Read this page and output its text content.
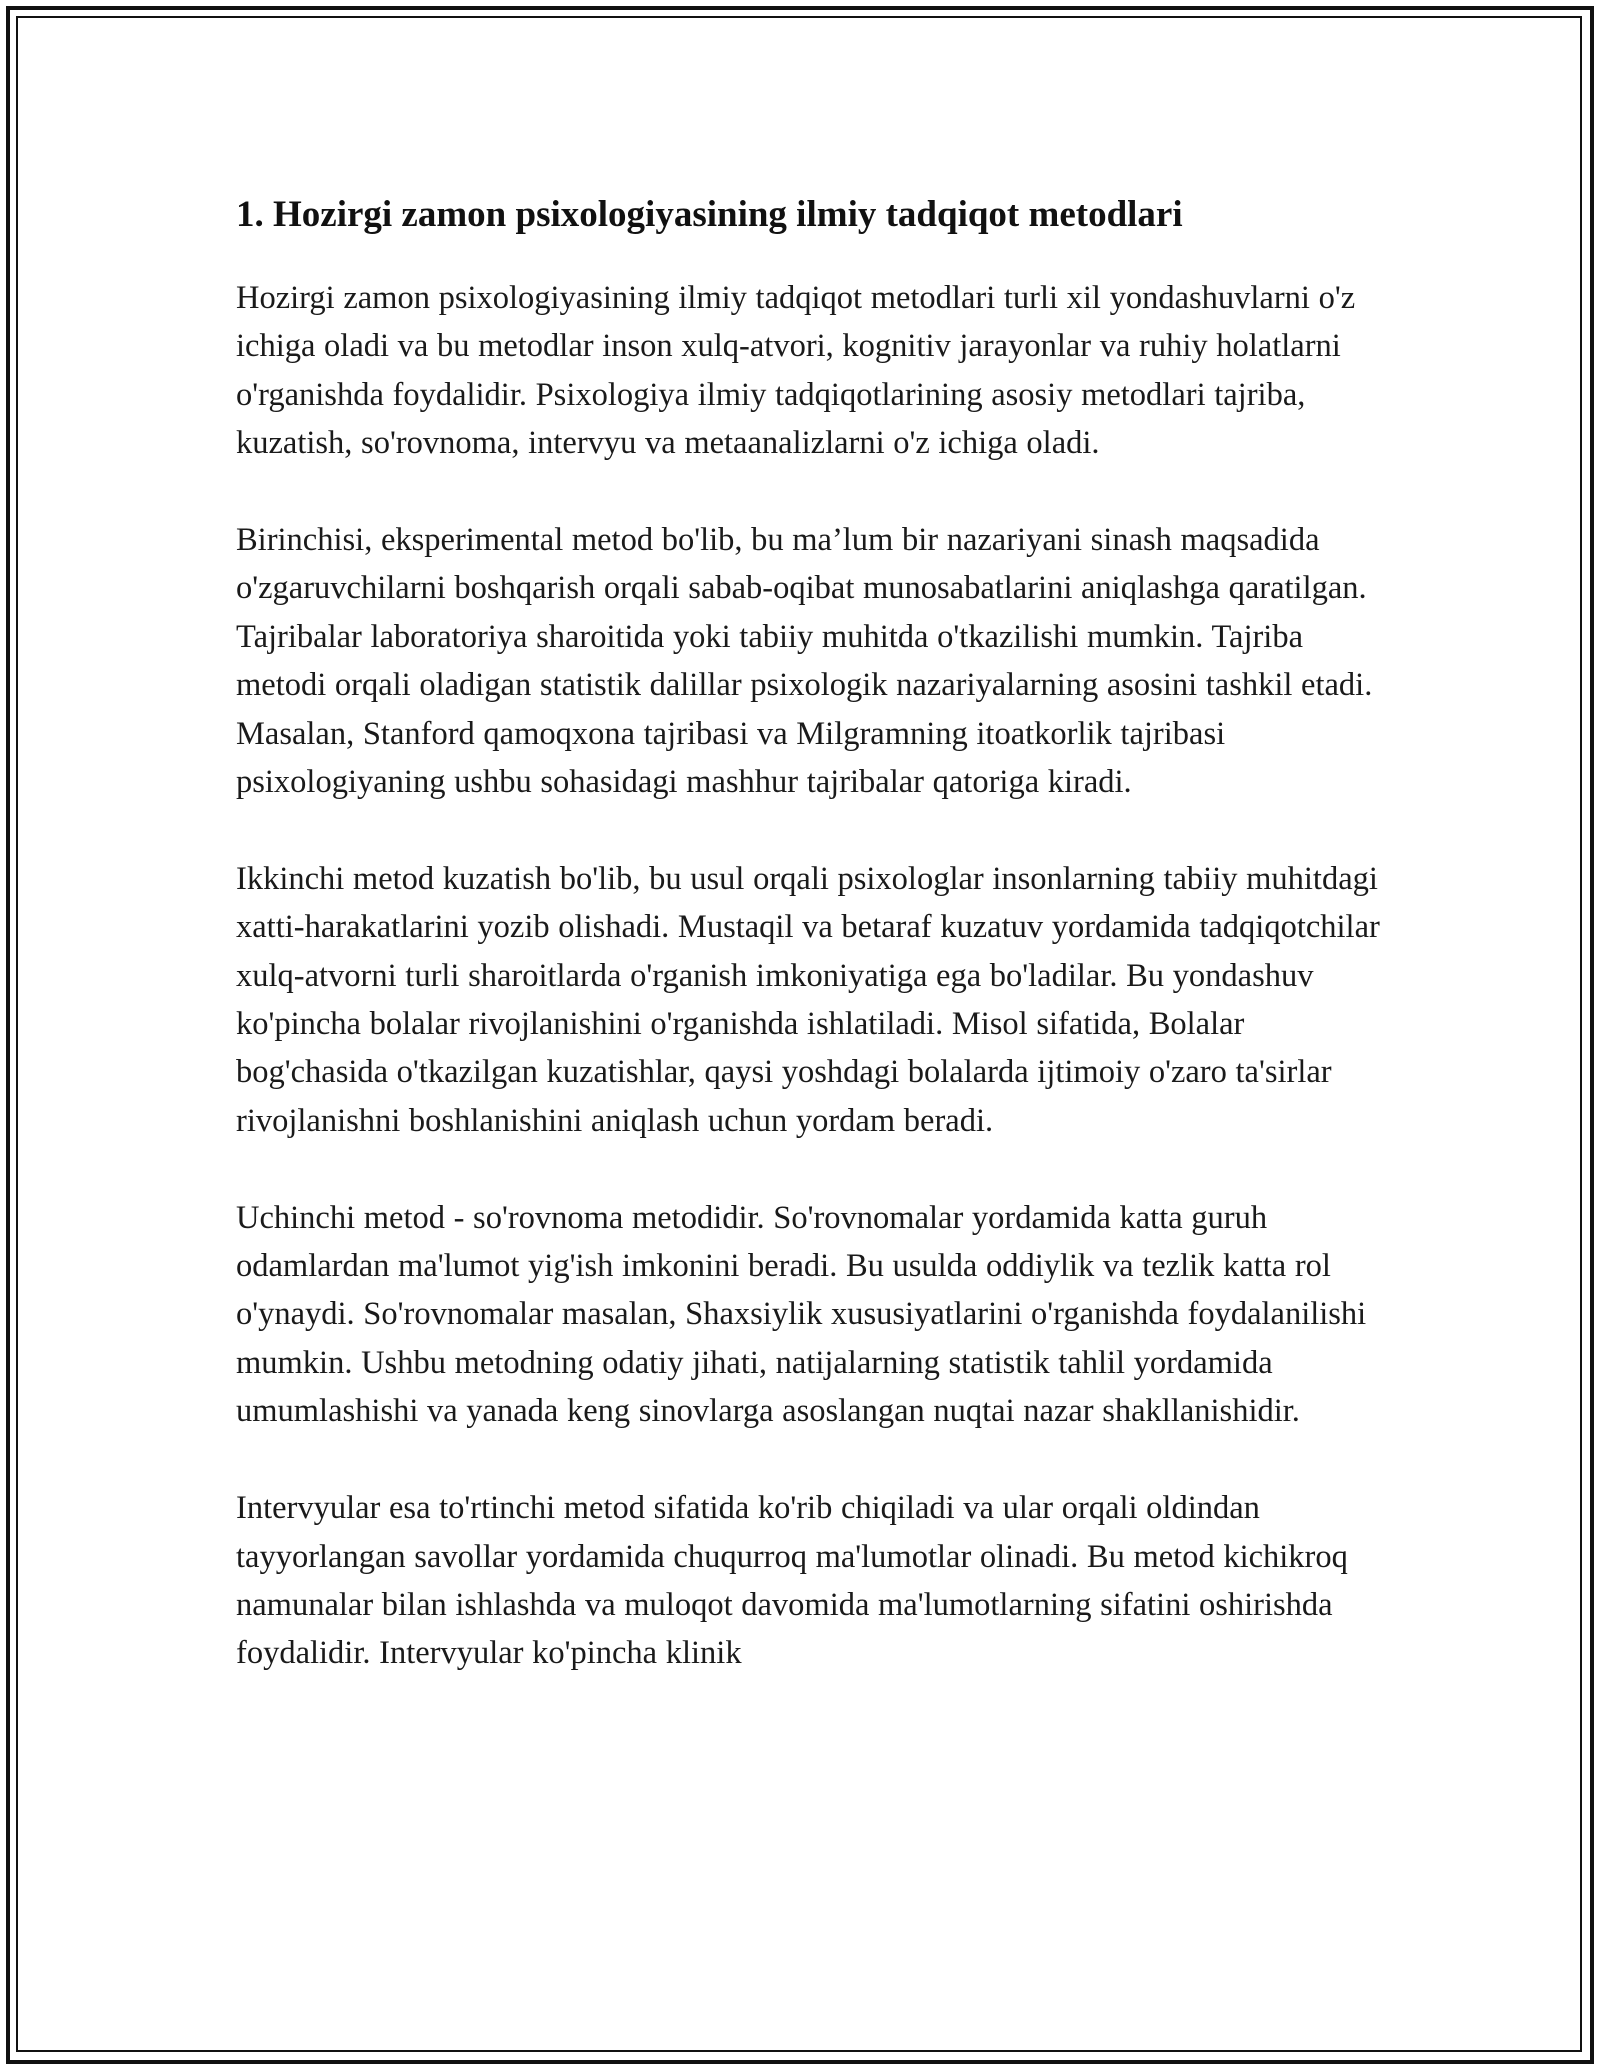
1. Hozirgi zamon psixologiyasining ilmiy tadqiqot metodlari

Hozirgi zamon psixologiyasining ilmiy tadqiqot metodlari turli xil yondashuvlarni o'z ichiga oladi va bu metodlar inson xulq-atvori, kognitiv jarayonlar va ruhiy holatlarni o'rganishda foydalidir. Psixologiya ilmiy tadqiqotlarining asosiy metodlari tajriba, kuzatish, so'rovnoma, intervyu va metaanalizlarni o'z ichiga oladi.

Birinchisi, eksperimental metod bo'lib, bu ma’lum bir nazariyani sinash maqsadida o'zgaruvchilarni boshqarish orqali sabab-oqibat munosabatlarini aniqlashga qaratilgan. Tajribalar laboratoriya sharoitida yoki tabiiy muhitda o'tkazilishi mumkin. Tajriba metodi orqali oladigan statistik dalillar psixologik nazariyalarning asosini tashkil etadi. Masalan, Stanford qamoqxona tajribasi va Milgramning itoatkorlik tajribasi psixologiyaning ushbu sohasidagi mashhur tajribalar qatoriga kiradi.

Ikkinchi metod kuzatish bo'lib, bu usul orqali psixologlar insonlarning tabiiy muhitdagi xatti-harakatlarini yozib olishadi. Mustaqil va betaraf kuzatuv yordamida tadqiqotchilar xulq-atvorni turli sharoitlarda o'rganish imkoniyatiga ega bo'ladilar. Bu yondashuv ko'pincha bolalar rivojlanishini o'rganishda ishlatiladi. Misol sifatida, Bolalar bog'chasida o'tkazilgan kuzatishlar, qaysi yoshdagi bolalarda ijtimoiy o'zaro ta'sirlar rivojlanishni boshlanishini aniqlash uchun yordam beradi.

Uchinchi metod - so'rovnoma metodidir. So'rovnomalar yordamida katta guruh odamlardan ma'lumot yig'ish imkonini beradi. Bu usulda oddiylik va tezlik katta rol o'ynaydi. So'rovnomalar masalan, Shaxsiylik xususiyatlarini o'rganishda foydalanilishi mumkin. Ushbu metodning odatiy jihati, natijalarning statistik tahlil yordamida umumlashishi va yanada keng sinovlarga asoslangan nuqtai nazar shakllanishidir.

Intervyular esa to'rtinchi metod sifatida ko'rib chiqiladi va ular orqali oldindan tayyorlangan savollar yordamida chuqurroq ma'lumotlar olinadi. Bu metod kichikroq namunalar bilan ishlashda va muloqot davomida ma'lumotlarning sifatini oshirishda foydalidir. Intervyular ko'pincha klinik
